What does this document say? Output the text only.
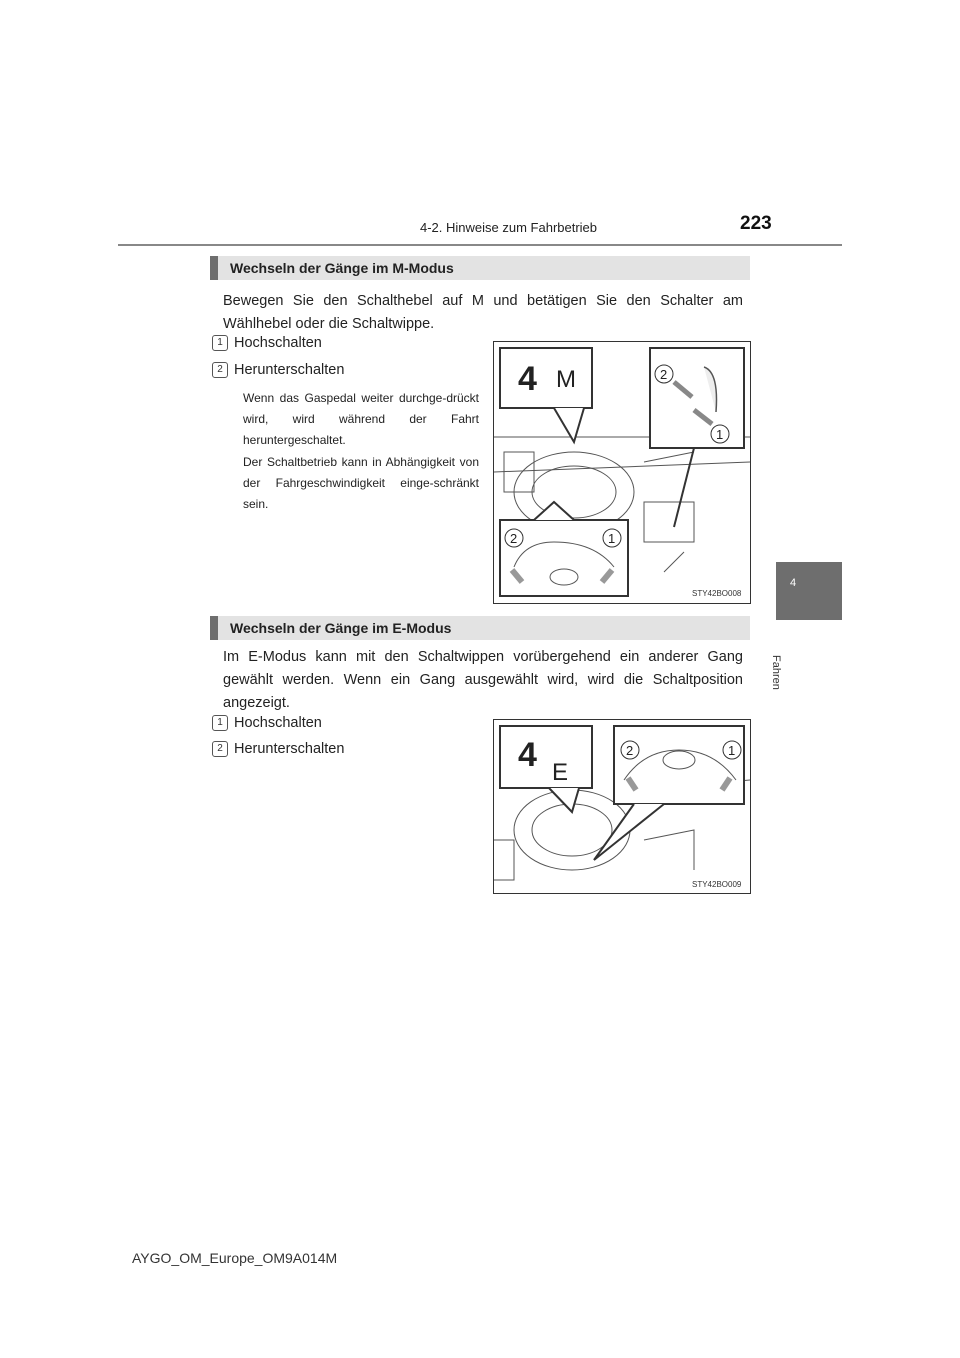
4-2. Hinweise zum Fahrbetrieb	223
4
Fahren
Wechseln der Gänge im M-Modus
Bewegen Sie den Schalthebel auf M und betätigen Sie den Schalter am Wählhebel oder die Schaltwippe.
1 Hochschalten
2 Herunterschalten
Wenn das Gaspedal weiter durchge-drückt wird, wird während der Fahrt heruntergeschaltet.
Der Schaltbetrieb kann in Abhängigkeit von der Fahrgeschwindigkeit einge-schränkt sein.
4 M	2
1
2	1
STY42BO008
Wechseln der Gänge im E-Modus
Im E-Modus kann mit den Schaltwippen vorübergehend ein anderer Gang gewählt werden. Wenn ein Gang ausgewählt wird, wird die Schaltposition angezeigt.
1 Hochschalten
2 Herunterschalten	4 E
2	1
STY42BO009
AYGO_OM_Europe_OM9A014M
